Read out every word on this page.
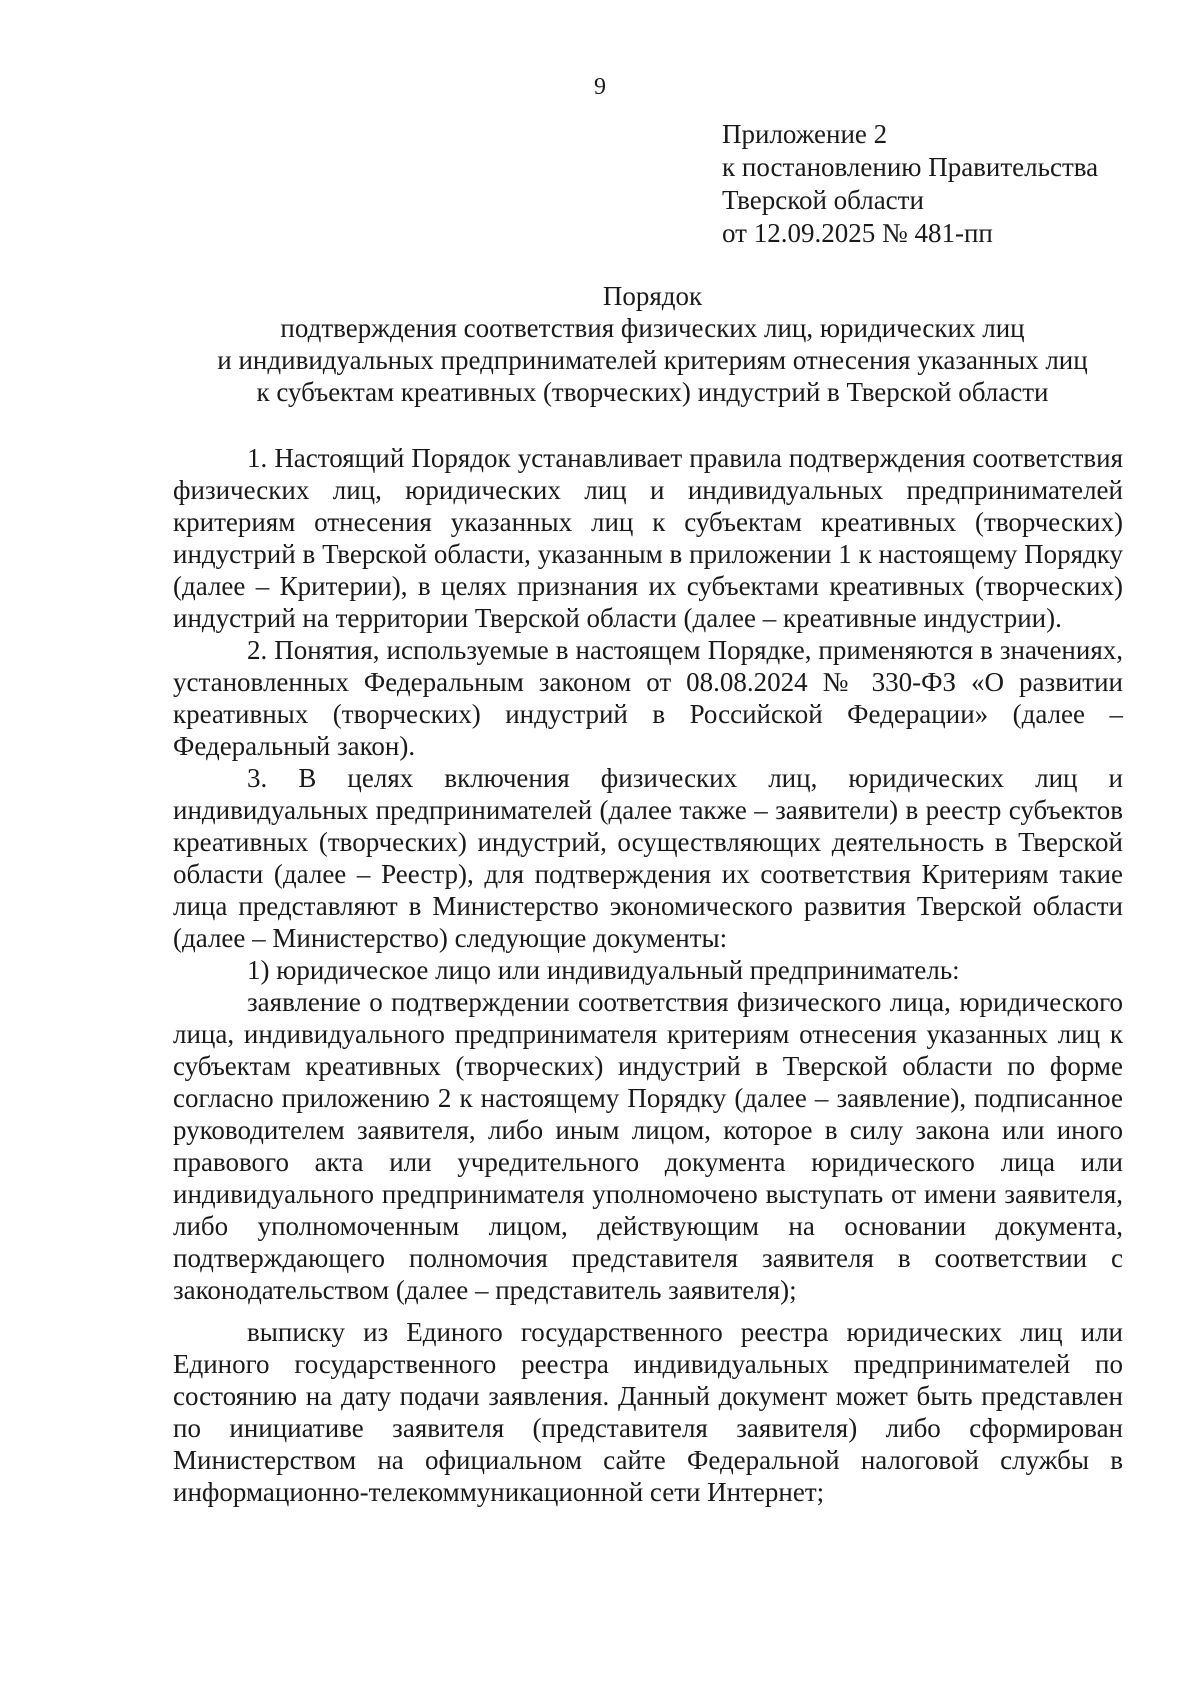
9
Приложение 2
к постановлению Правительства
Тверской области
от 12.09.2025 № 481-пп
Порядок
подтверждения соответствия физических лиц, юридических лиц
и индивидуальных предпринимателей критериям отнесения указанных лиц
к субъектам креативных (творческих) индустрий в Тверской области

1. Настоящий Порядок устанавливает правила подтверждения соответствия физических лиц, юридических лиц и индивидуальных предпринимателей критериям отнесения указанных лиц к субъектам креативных (творческих) индустрий в Тверской области, указанным в приложении 1 к настоящему Порядку (далее – Критерии), в целях признания их субъектами креативных (творческих) индустрий на территории Тверской области (далее – креативные индустрии).

2. Понятия, используемые в настоящем Порядке, применяются в значениях, установленных Федеральным законом от 08.08.2024 № 330-ФЗ «О развитии креативных (творческих) индустрий в Российской Федерации» (далее – Федеральный закон).

3. В целях включения физических лиц, юридических лиц и индивидуальных предпринимателей (далее также – заявители) в реестр субъектов креативных (творческих) индустрий, осуществляющих деятельность в Тверской области (далее – Реестр), для подтверждения их соответствия Критериям такие лица представляют в Министерство экономического развития Тверской области (далее – Министерство) следующие документы:

1) юридическое лицо или индивидуальный предприниматель:

заявление о подтверждении соответствия физического лица, юридического лица, индивидуального предпринимателя критериям отнесения указанных лиц к субъектам креативных (творческих) индустрий в Тверской области по форме согласно приложению 2 к настоящему Порядку (далее – заявление), подписанное руководителем заявителя, либо иным лицом, которое в силу закона или иного правового акта или учредительного документа юридического лица или индивидуального предпринимателя уполномочено выступать от имени заявителя, либо уполномоченным лицом, действующим на основании документа, подтверждающего полномочия представителя заявителя в соответствии с законодательством (далее – представитель заявителя);

выписку из Единого государственного реестра юридических лиц или Единого государственного реестра индивидуальных предпринимателей по состоянию на дату подачи заявления. Данный документ может быть представлен по инициативе заявителя (представителя заявителя) либо сформирован Министерством на официальном сайте Федеральной налоговой службы в информационно-телекоммуникационной сети Интернет;
